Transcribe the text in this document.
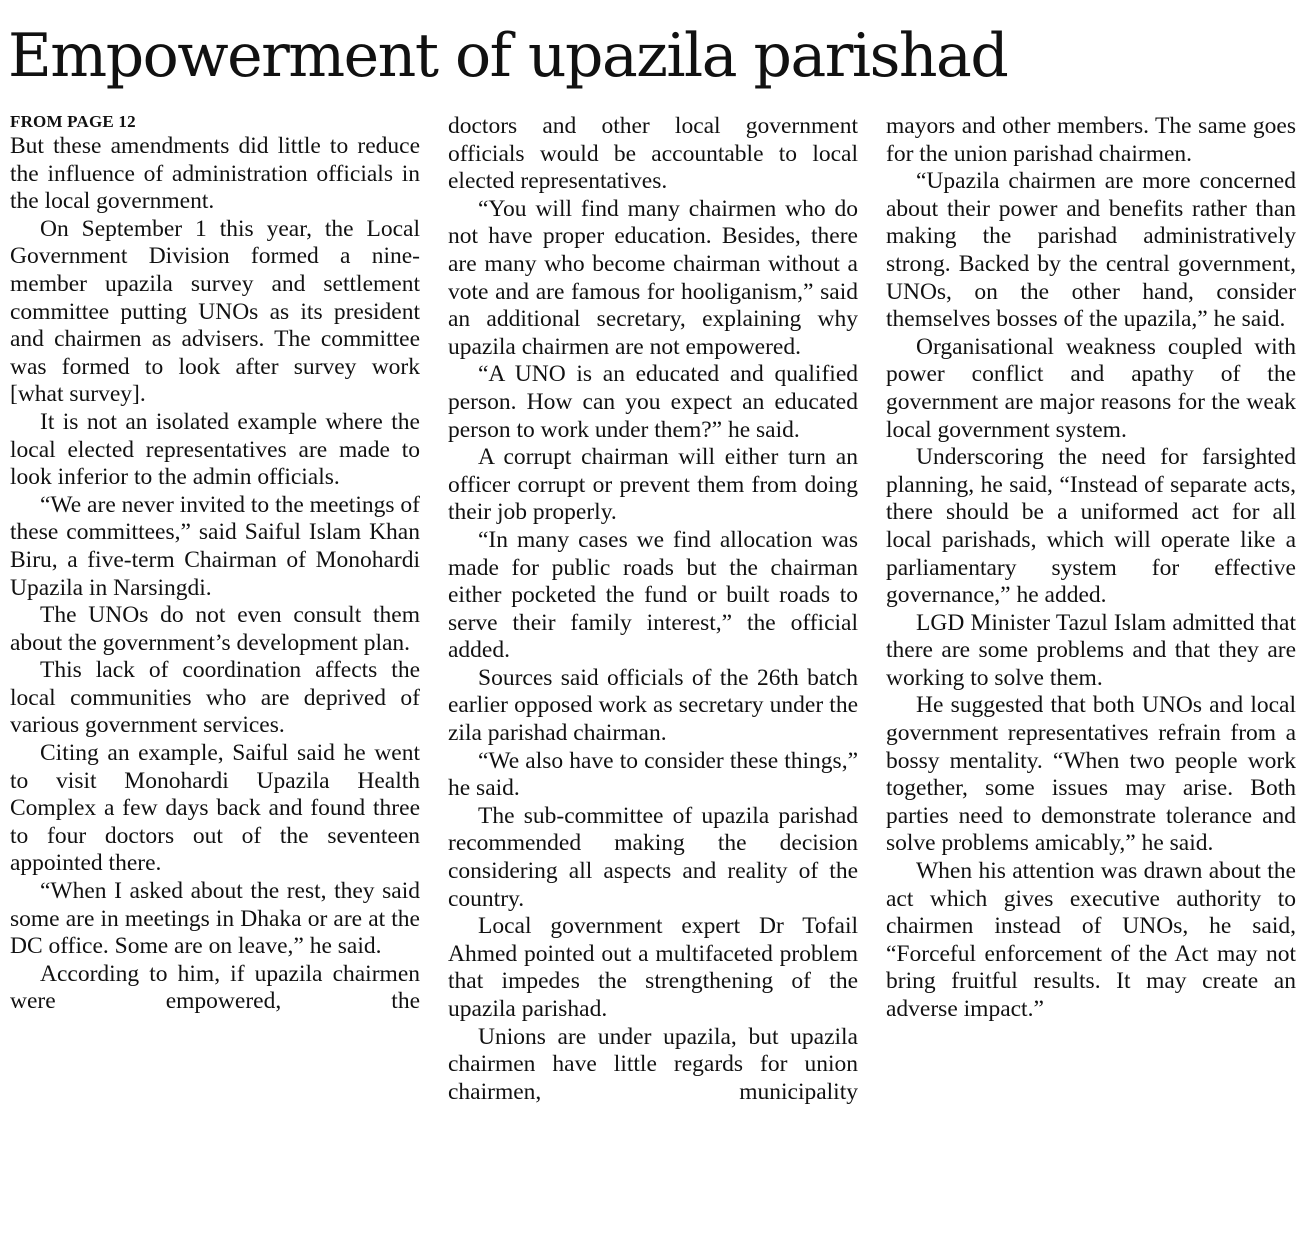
Empowerment of upazila parishad
FROM PAGE 12

But these amendments did little to reduce the influence of administration officials in the local government.

On September 1 this year, the Local Government Division formed a nine-member upazila survey and settlement committee putting UNOs as its president and chairmen as advisers. The committee was formed to look after survey work [what survey].

It is not an isolated example where the local elected representatives are made to look inferior to the admin officials.

“We are never invited to the meetings of these committees,” said Saiful Islam Khan Biru, a five-term Chairman of Monohardi Upazila in Narsingdi.

The UNOs do not even consult them about the government’s development plan.

This lack of coordination affects the local communities who are deprived of various government services.

Citing an example, Saiful said he went to visit Monohardi Upazila Health Complex a few days back and found three to four doctors out of the seventeen appointed there.

“When I asked about the rest, they said some are in meetings in Dhaka or are at the DC office. Some are on leave,” he said.

According to him, if upazila chairmen were empowered, the

doctors and other local government officials would be accountable to local elected representatives.

“You will find many chairmen who do not have proper education. Besides, there are many who become chairman without a vote and are famous for hooliganism,” said an additional secretary, explaining why upazila chairmen are not empowered.

“A UNO is an educated and qualified person. How can you expect an educated person to work under them?” he said.

A corrupt chairman will either turn an officer corrupt or prevent them from doing their job properly.

“In many cases we find allocation was made for public roads but the chairman either pocketed the fund or built roads to serve their family interest,” the official added.

Sources said officials of the 26th batch earlier opposed work as secretary under the zila parishad chairman.

“We also have to consider these things,” he said.

The sub-committee of upazila parishad recommended making the decision considering all aspects and reality of the country.

Local government expert Dr Tofail Ahmed pointed out a multifaceted problem that impedes the strengthening of the upazila parishad.

Unions are under upazila, but upazila chairmen have little regards for union chairmen, municipality

mayors and other members. The same goes for the union parishad chairmen.

“Upazila chairmen are more concerned about their power and benefits rather than making the parishad administratively strong. Backed by the central government, UNOs, on the other hand, consider themselves bosses of the upazila,” he said.

Organisational weakness coupled with power conflict and apathy of the government are major reasons for the weak local government system.

Underscoring the need for farsighted planning, he said, “Instead of separate acts, there should be a uniformed act for all local parishads, which will operate like a parliamentary system for effective governance,” he added.

LGD Minister Tazul Islam admitted that there are some problems and that they are working to solve them.

He suggested that both UNOs and local government representatives refrain from a bossy mentality. “When two people work together, some issues may arise. Both parties need to demonstrate tolerance and solve problems amicably,” he said.

When his attention was drawn about the act which gives executive authority to chairmen instead of UNOs, he said, “Forceful enforcement of the Act may not bring fruitful results. It may create an adverse impact.”
